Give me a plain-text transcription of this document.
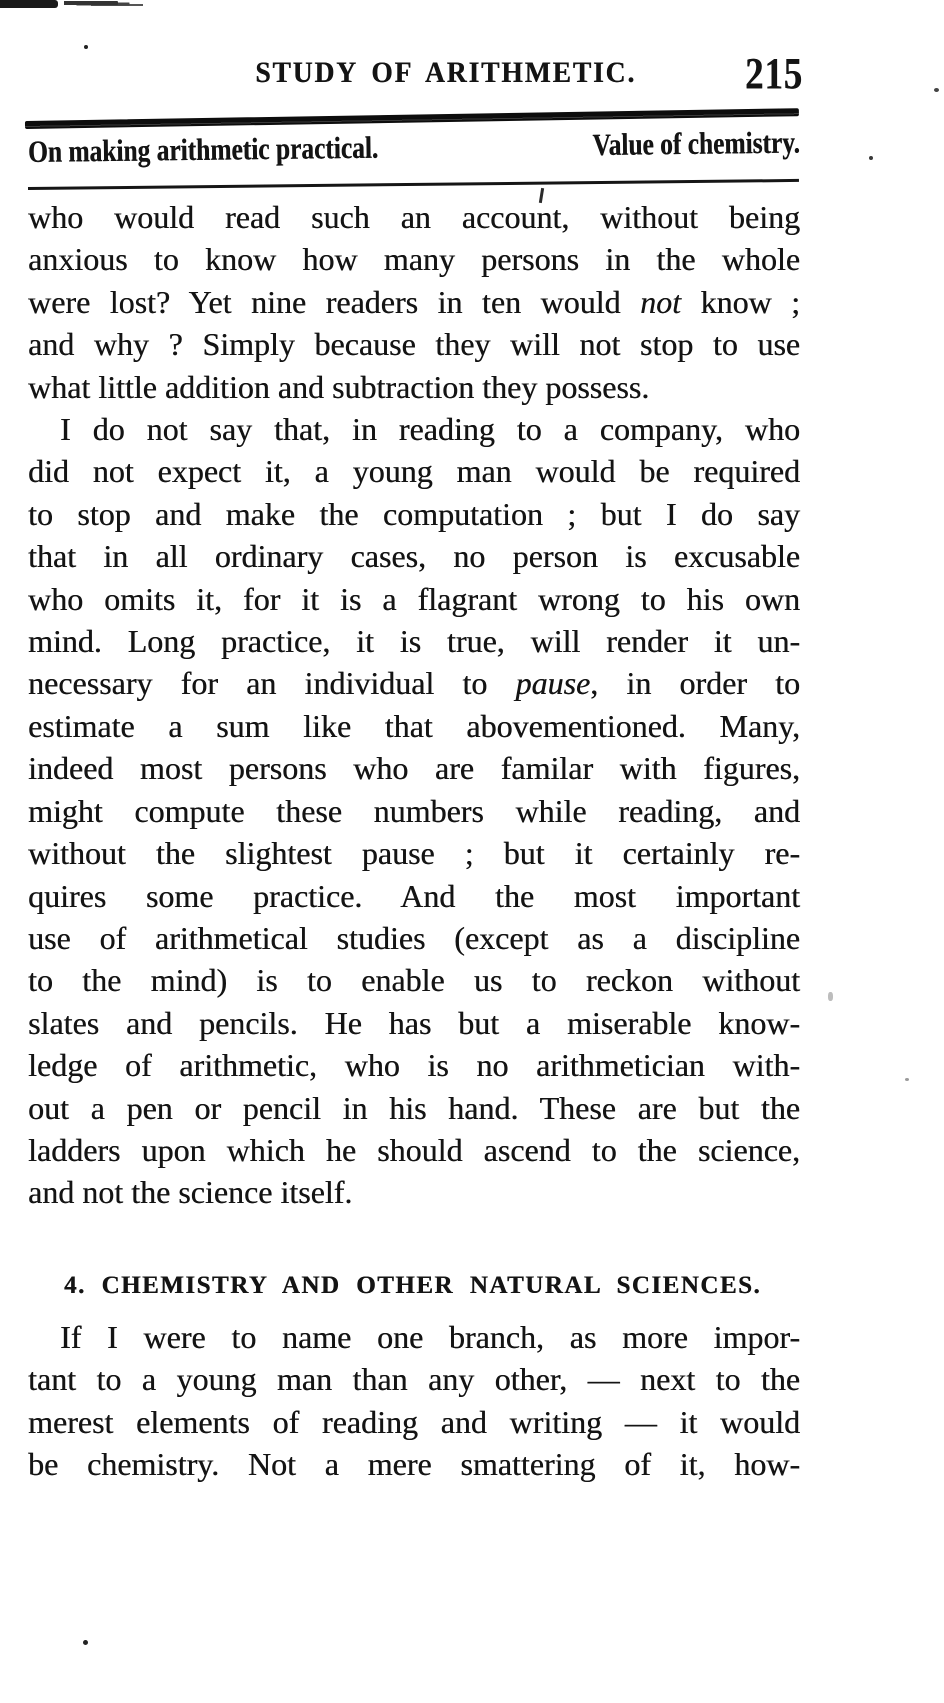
STUDY OF ARITHMETIC. 215
On making arithmetic practical.	Value of chemistry.
who would read such an account, without being
anxious to know how many persons in the whole
were lost? Yet nine readers in ten would not know ;
and why ? Simply because they will not stop to use
what little addition and subtraction they possess.
I do not say that, in reading to a company, who
did not expect it, a young man would be required
to stop and make the computation ; but I do say
that in all ordinary cases, no person is excusable
who omits it, for it is a flagrant wrong to his own
mind. Long practice, it is true, will render it un-
necessary for an individual to pause, in order to
estimate a sum like that abovementioned. Many,
indeed most persons who are familar with figures,
might compute these numbers while reading, and
without the slightest pause ; but it certainly re-
quires some practice. And the most important
use of arithmetical studies (except as a discipline
to the mind) is to enable us to reckon without
slates and pencils. He has but a miserable know-
ledge of arithmetic, who is no arithmetician with-
out a pen or pencil in his hand. These are but the
ladders upon which he should ascend to the science,
and not the science itself.
4. CHEMISTRY AND OTHER NATURAL SCIENCES.
If I were to name one branch, as more impor-
tant to a young man than any other, — next to the
merest elements of reading and writing — it would
be chemistry. Not a mere smattering of it, how-
